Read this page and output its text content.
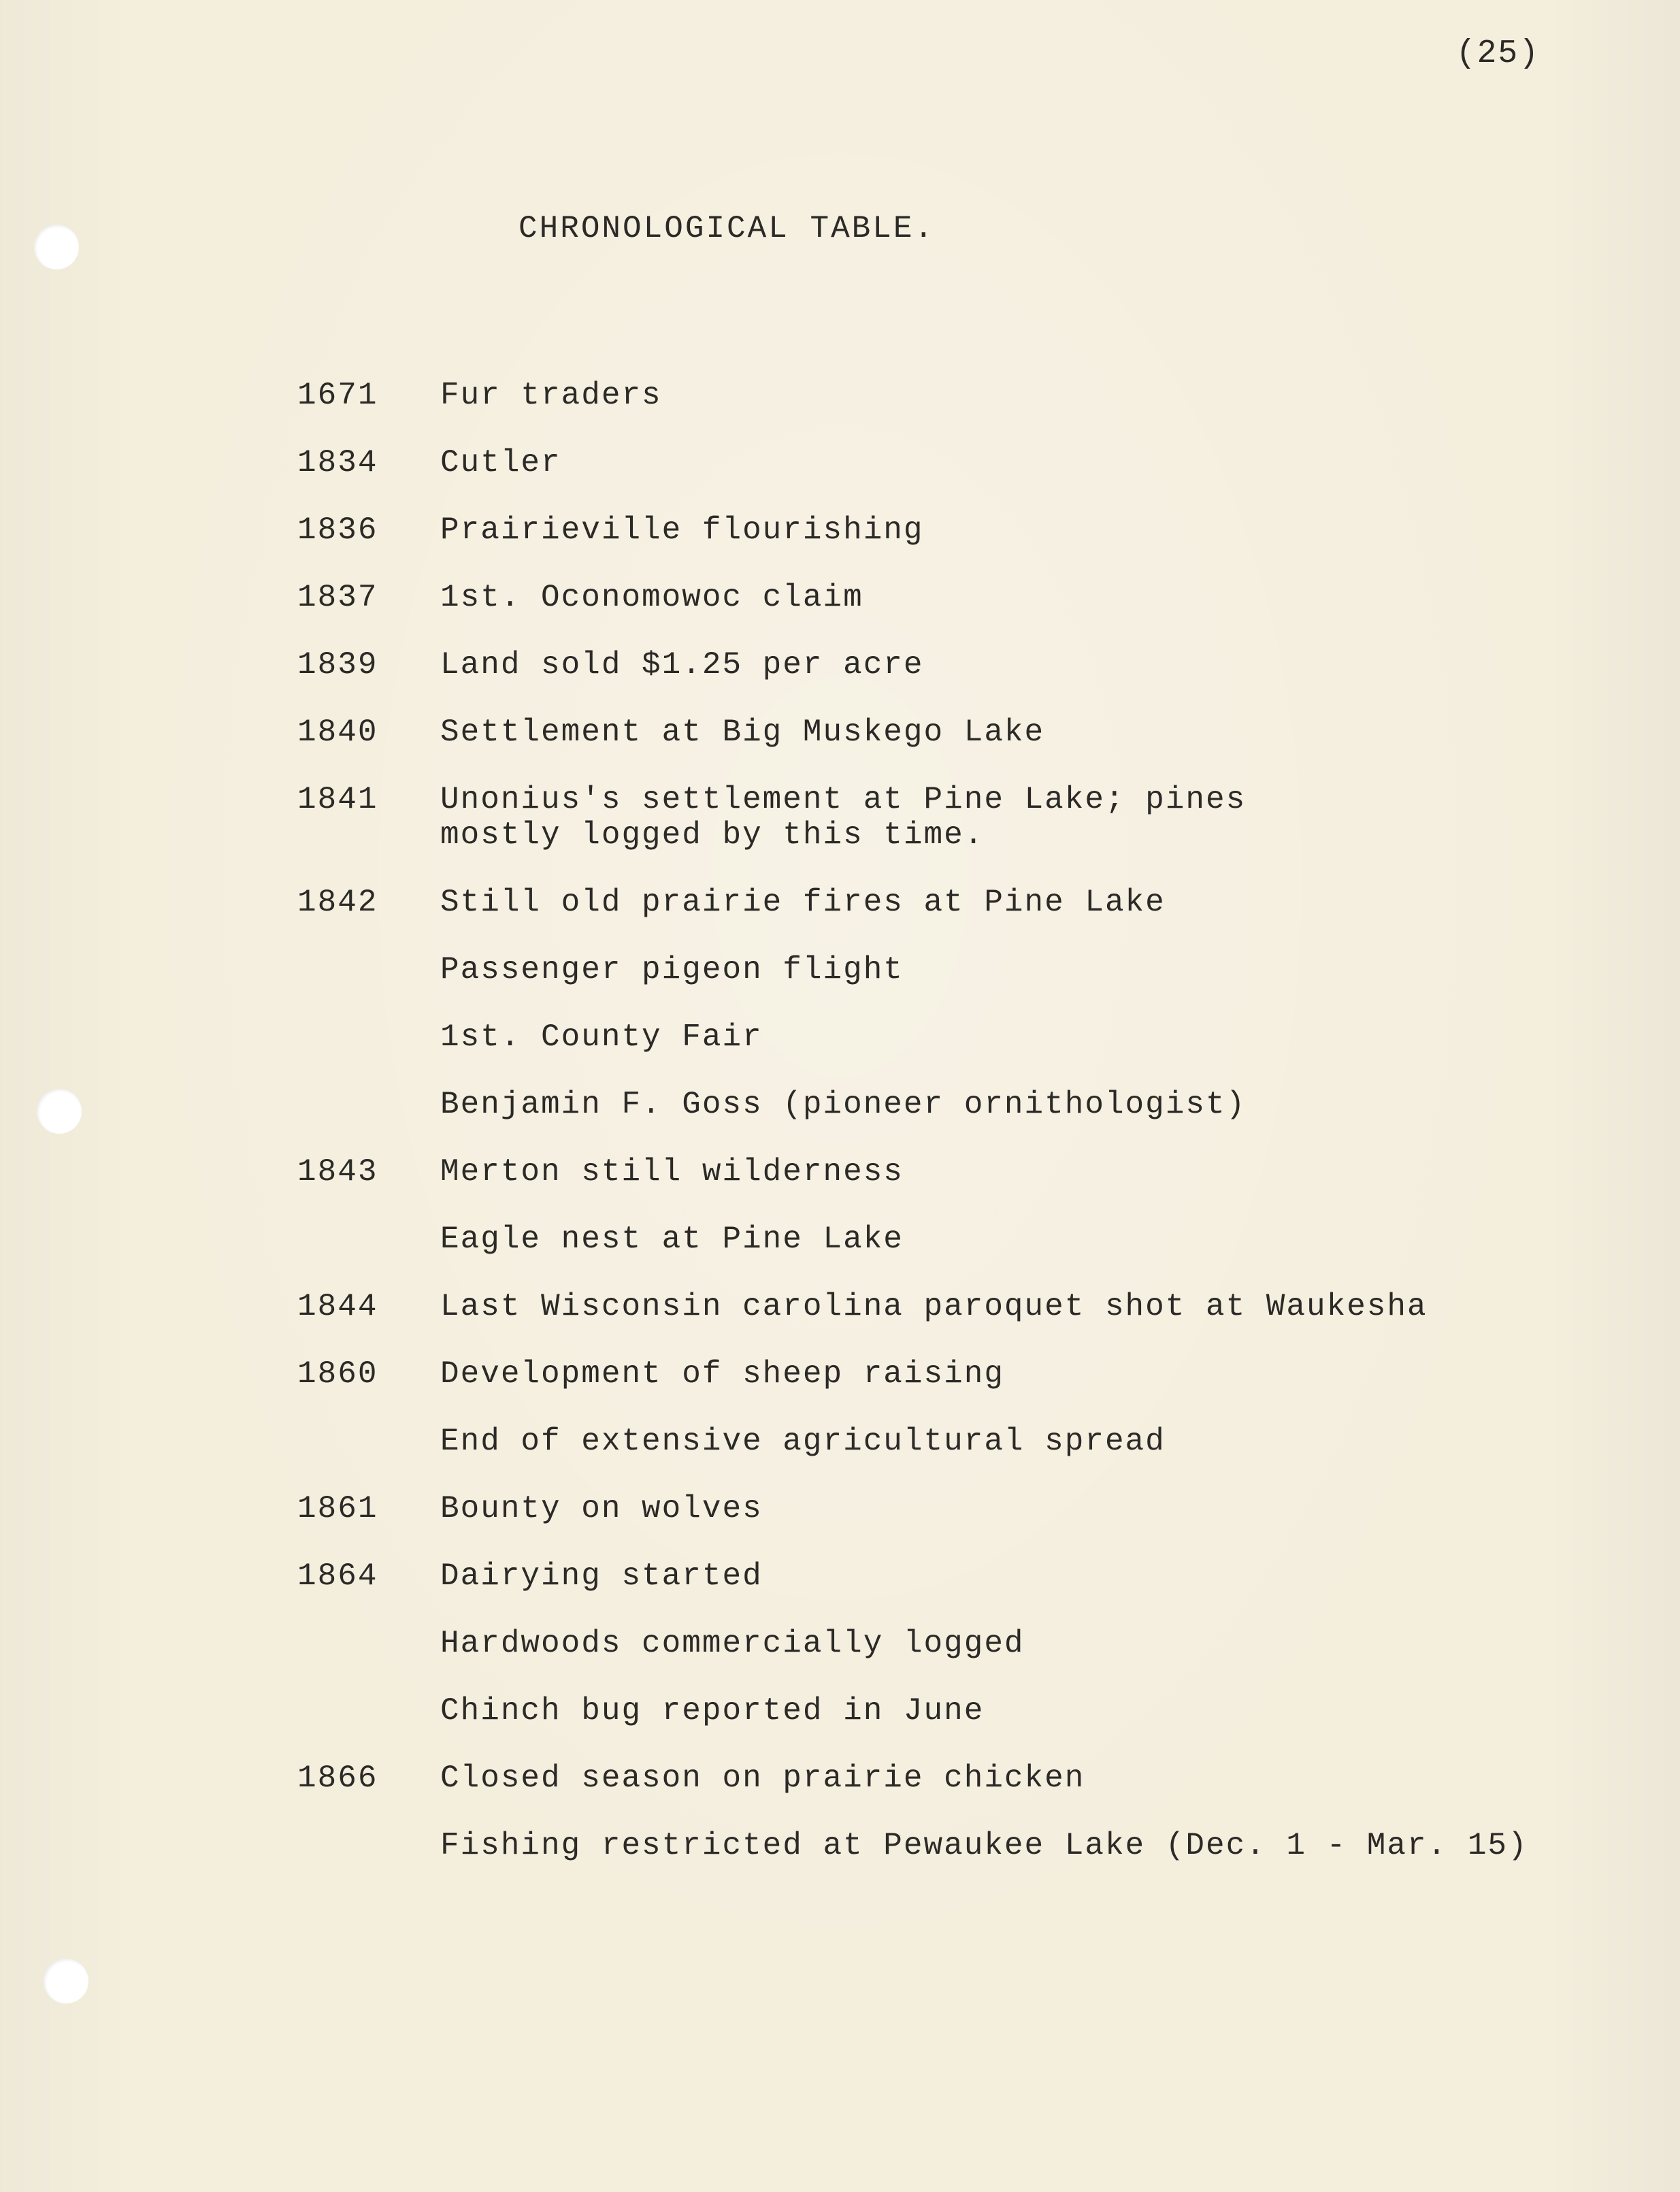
(25)
CHRONOLOGICAL TABLE.
1671	Fur traders
1834	Cutler
1836	Prairieville flourishing
1837	1st. Oconomowoc claim
1839	Land sold $1.25 per acre
1840	Settlement at Big Muskego Lake
1841	Unonius's settlement at Pine Lake; pines
mostly logged by this time.
1842	Still old prairie fires at Pine Lake
Passenger pigeon flight
1st. County Fair
Benjamin F. Goss (pioneer ornithologist)
1843	Merton still wilderness
Eagle nest at Pine Lake
1844	Last Wisconsin carolina paroquet shot at Waukesha
1860	Development of sheep raising
End of extensive agricultural spread
1861	Bounty on wolves
1864	Dairying started
Hardwoods commercially logged
Chinch bug reported in June
1866	Closed season on prairie chicken
Fishing restricted at Pewaukee Lake (Dec. 1 - Mar. 15)
